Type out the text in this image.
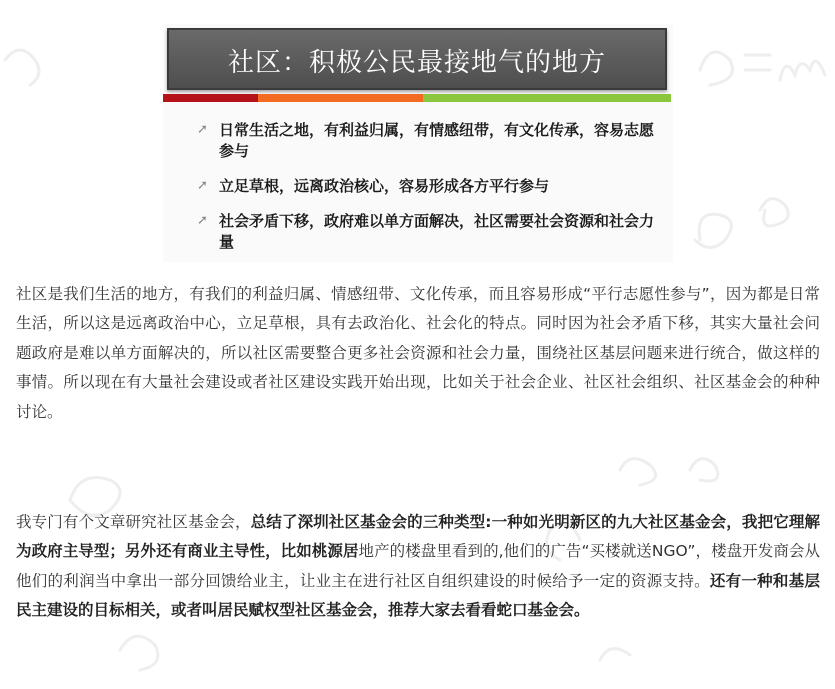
社区：积极公民最接地气的地方
➚ 日常生活之地，有利益归属，有情感纽带，有文化传承，容易志愿参与
➚ 立足草根，远离政治核心，容易形成各方平行参与
➚ 社会矛盾下移，政府难以单方面解决，社区需要社会资源和社会力量
社区是我们生活的地方，有我们的利益归属、情感纽带、文化传承，而且容易形成“平行志愿性参与”，因为都是日常生活，所以这是远离政治中心，立足草根，具有去政治化、社会化的特点。同时因为社会矛盾下移，其实大量社会问题政府是难以单方面解决的，所以社区需要整合更多社会资源和社会力量，围绕社区基层问题来进行统合，做这样的事情。所以现在有大量社会建设或者社区建设实践开始出现，比如关于社会企业、社区社会组织、社区基金会的种种讨论。
我专门有个文章研究社区基金会，总结了深圳社区基金会的三种类型:一种如光明新区的九大社区基金会，我把它理解为政府主导型；另外还有商业主导性，比如桃源居地产的楼盘里看到的,他们的广告“买楼就送NGO”，楼盘开发商会从他们的利润当中拿出一部分回馈给业主，让业主在进行社区自组织建设的时候给予一定的资源支持。还有一种和基层民主建设的目标相关，或者叫居民赋权型社区基金会，推荐大家去看看蛇口基金会。
